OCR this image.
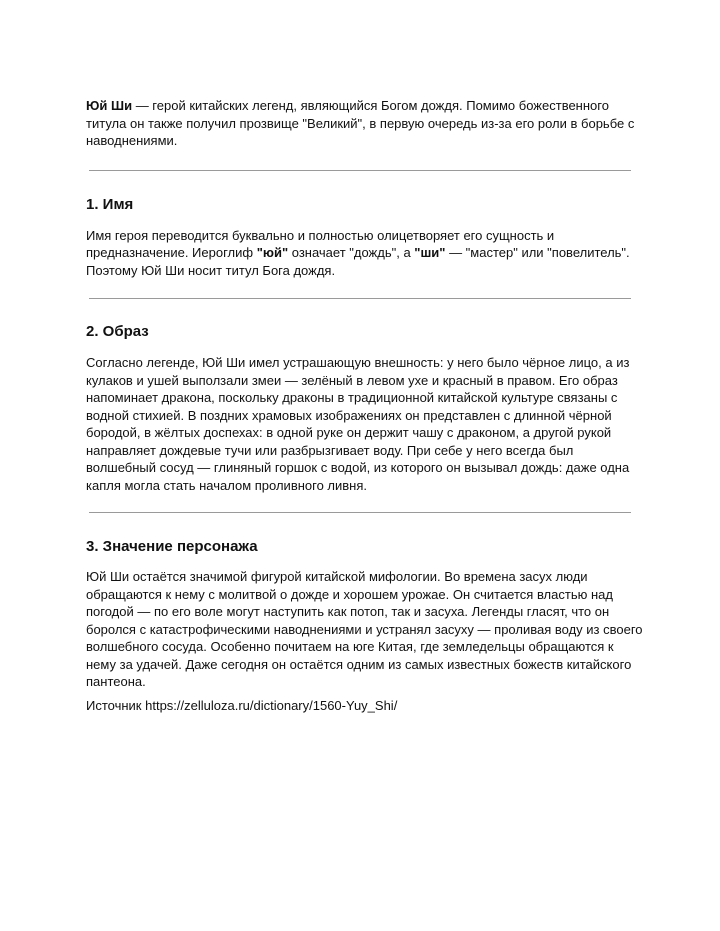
Юй Ши — герой китайских легенд, являющийся Богом дождя. Помимо божественного титула он также получил прозвище "Великий", в первую очередь из-за его роли в борьбе с наводнениями.

1. Имя

Имя героя переводится буквально и полностью олицетворяет его сущность и предназначение. Иероглиф "юй" означает "дождь", а "ши" — "мастер" или "повелитель". Поэтому Юй Ши носит титул Бога дождя.

2. Образ

Согласно легенде, Юй Ши имел устрашающую внешность: у него было чёрное лицо, а из кулаков и ушей выползали змеи — зелёный в левом ухе и красный в правом. Его образ напоминает дракона, поскольку драконы в традиционной китайской культуре связаны с водной стихией. В поздних храмовых изображениях он представлен с длинной чёрной бородой, в жёлтых доспехах: в одной руке он держит чашу с драконом, а другой рукой направляет дождевые тучи или разбрызгивает воду. При себе у него всегда был волшебный сосуд — глиняный горшок с водой, из которого он вызывал дождь: даже одна капля могла стать началом проливного ливня.

3. Значение персонажа

Юй Ши остаётся значимой фигурой китайской мифологии. Во времена засух люди обращаются к нему с молитвой о дожде и хорошем урожае. Он считается властью над погодой — по его воле могут наступить как потоп, так и засуха. Легенды гласят, что он боролся с катастрофическими наводнениями и устранял засуху — проливая воду из своего волшебного сосуда. Особенно почитаем на юге Китая, где земледельцы обращаются к нему за удачей. Даже сегодня он остаётся одним из самых известных божеств китайского пантеона.

Источник https://zelluloza.ru/dictionary/1560-Yuy_Shi/
